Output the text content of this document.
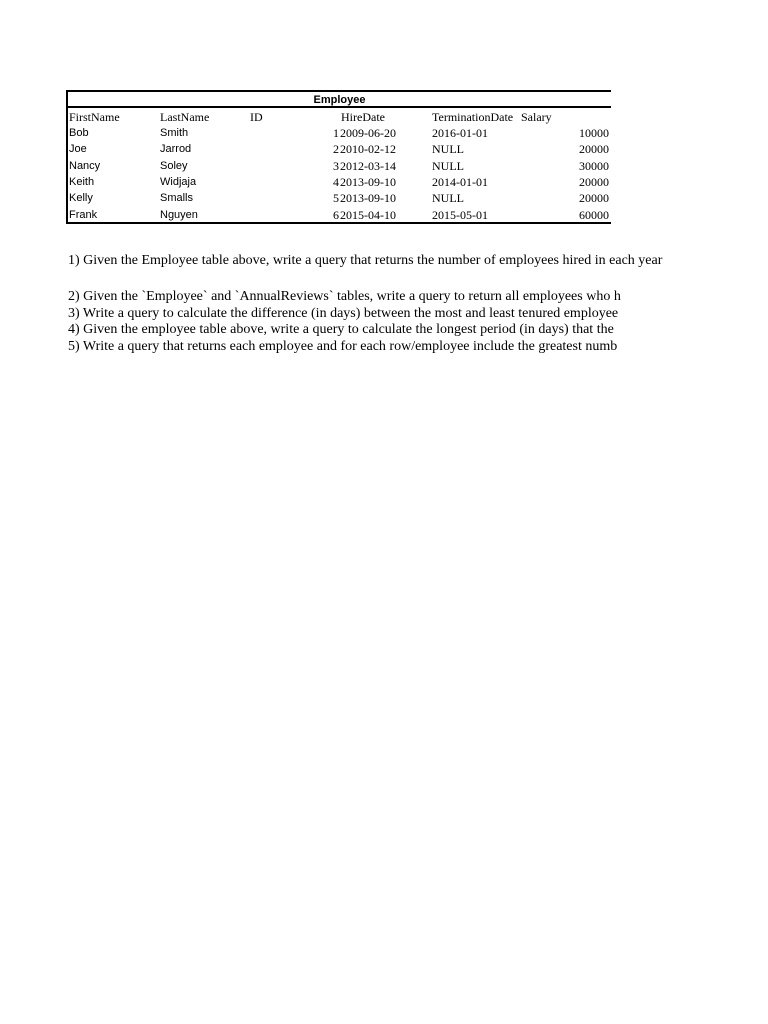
Employee
FirstName	LastName	ID	HireDate	TerminationDate Salary
Bob	Smith	1 2009-06-20	2016-01-01	10000
Joe	Jarrod	2 2010-02-12	NULL	20000
Nancy	Soley	3 2012-03-14	NULL	30000
Keith	Widjaja	4 2013-09-10	2014-01-01	20000
Kelly	Smalls	5 2013-09-10	NULL	20000
Frank	Nguyen	6 2015-04-10	2015-05-01	60000
1) Given the Employee table above, write a query that returns the number of employees hired in each year
2) Given the `Employee` and `AnnualReviews` tables, write a query to return all employees who h
3) Write a query to calculate the difference (in days) between the most and least tenured employee
4) Given the employee table above, write a query to calculate the longest period (in days) that the
5) Write a query that returns each employee and for each row/employee include the greatest numb
